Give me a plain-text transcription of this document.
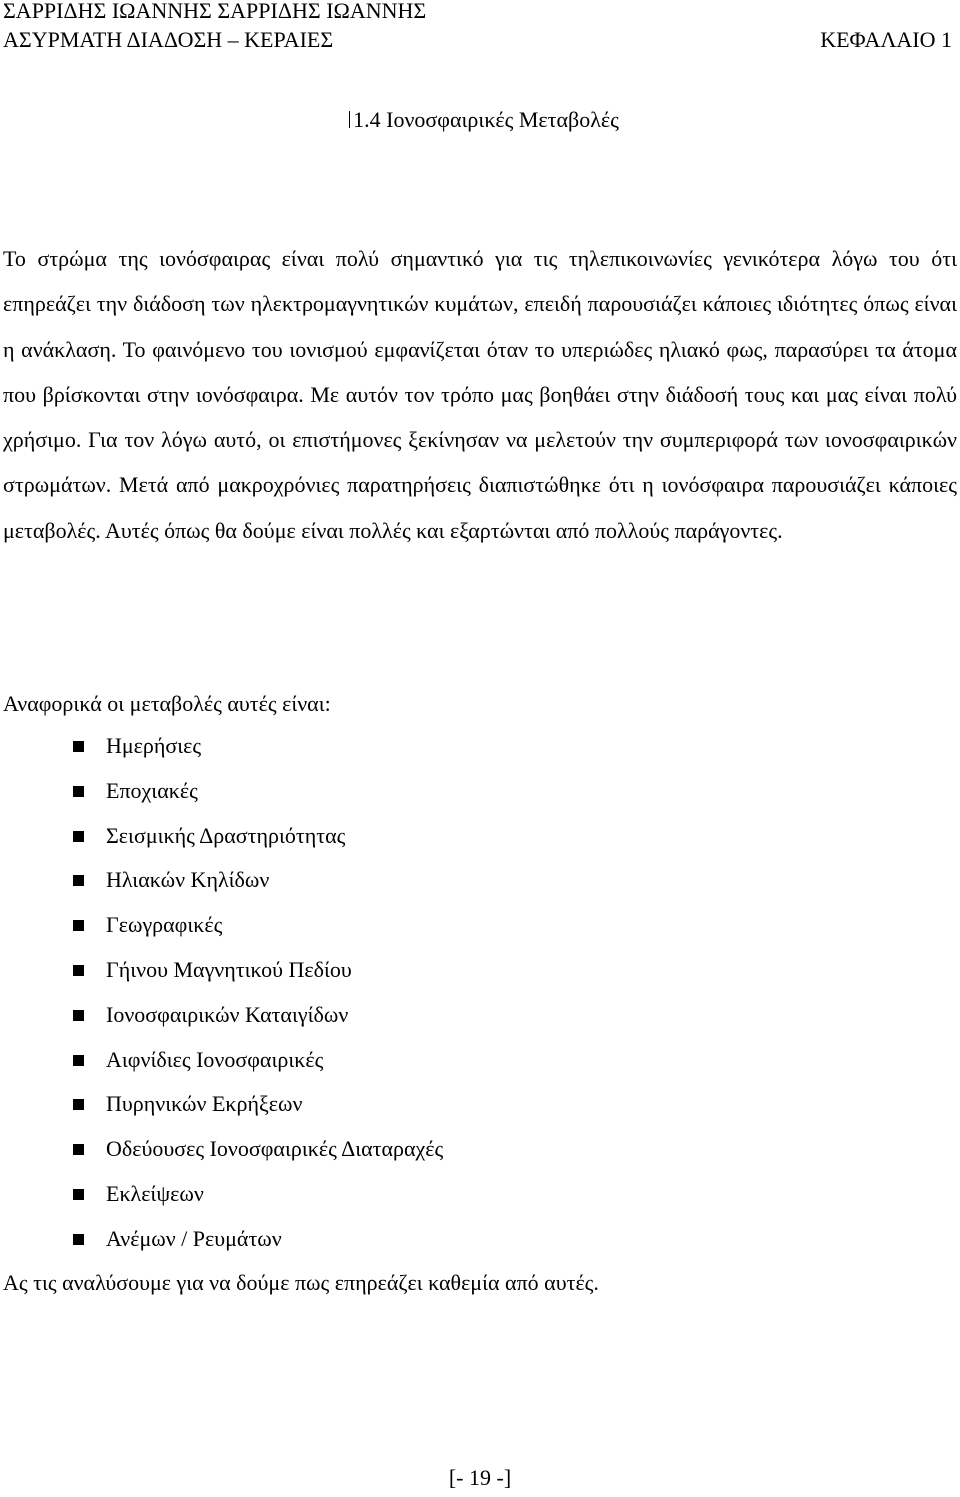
ΣΑΡΡΙΔΗΣ ΙΩΑΝΝΗΣ ΣΑΡΡΙΔΗΣ ΙΩΑΝΝΗΣ
ΑΣΥΡΜΑΤΗ ΔΙΑΔΟΣΗ – ΚΕΡΑΙΕΣ	ΚΕΦΑΛΑΙΟ 1
1.4 Ιονοσφαιρικές Μεταβολές

Το στρώμα της ιονόσφαιρας είναι πολύ σημαντικό για τις τηλεπικοινωνίες γενικότερα λόγω του ότι επηρεάζει την διάδοση των ηλεκτρομαγνητικών κυμάτων, επειδή παρουσιάζει κάποιες ιδιότητες όπως είναι η ανάκλαση. Το φαινόμενο του ιονισμού εμφανίζεται όταν το υπεριώδες ηλιακό φως, παρασύρει τα άτομα που βρίσκονται στην ιονόσφαιρα. Με αυτόν τον τρόπο μας βοηθάει στην διάδοσή τους και μας είναι πολύ χρήσιμο. Για τον λόγω αυτό, οι επιστήμονες ξεκίνησαν να μελετούν την συμπεριφορά των ιονοσφαιρικών στρωμάτων. Μετά από μακροχρόνιες παρατηρήσεις διαπιστώθηκε ότι η ιονόσφαιρα παρουσιάζει κάποιες μεταβολές. Αυτές όπως θα δούμε είναι πολλές και εξαρτώνται από πολλούς παράγοντες.

Αναφορικά οι μεταβολές αυτές είναι:

Ημερήσιες
Εποχιακές
Σεισμικής Δραστηριότητας
Ηλιακών Κηλίδων
Γεωγραφικές
Γήινου Μαγνητικού Πεδίου
Ιονοσφαιρικών Καταιγίδων
Αιφνίδιες Ιονοσφαιρικές
Πυρηνικών Εκρήξεων
Οδεύουσες Ιονοσφαιρικές Διαταραχές
Εκλείψεων
Ανέμων / Ρευμάτων

Ας τις αναλύσουμε για να δούμε πως επηρεάζει καθεμία από αυτές.

[- 19 -]
